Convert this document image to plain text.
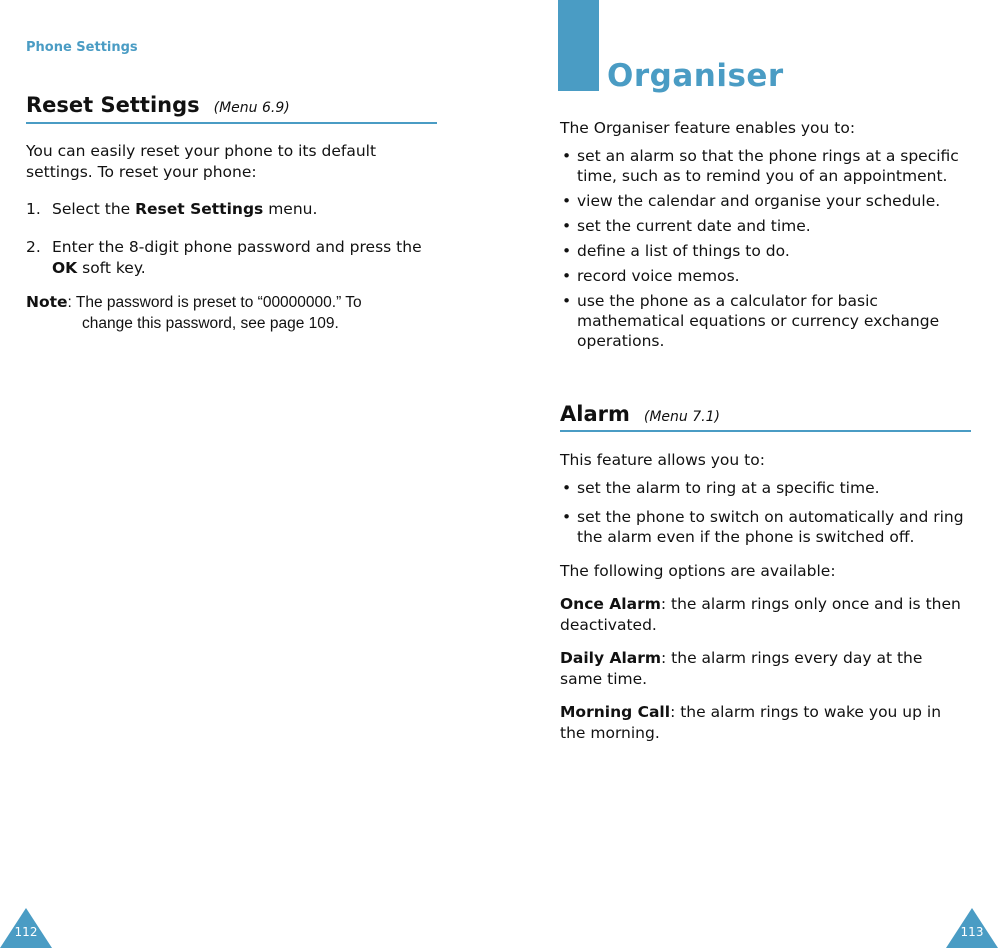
Phone Settings
Reset Settings (Menu 6.9)
You can easily reset your phone to its default
settings. To reset your phone:
1. Select the Reset Settings menu.
2. Enter the 8-digit phone password and press the
OK soft key.
Note: The password is preset to “00000000.” To
change this password, see page 109.
112
Organiser
The Organiser feature enables you to:
• set an alarm so that the phone rings at a specific
time, such as to remind you of an appointment.
• view the calendar and organise your schedule.
• set the current date and time.
• define a list of things to do.
• record voice memos.
• use the phone as a calculator for basic
mathematical equations or currency exchange
operations.
Alarm (Menu 7.1)
This feature allows you to:
• set the alarm to ring at a specific time.
• set the phone to switch on automatically and ring
the alarm even if the phone is switched off.
The following options are available:
Once Alarm: the alarm rings only once and is then
deactivated.
Daily Alarm: the alarm rings every day at the
same time.
Morning Call: the alarm rings to wake you up in
the morning.
113
